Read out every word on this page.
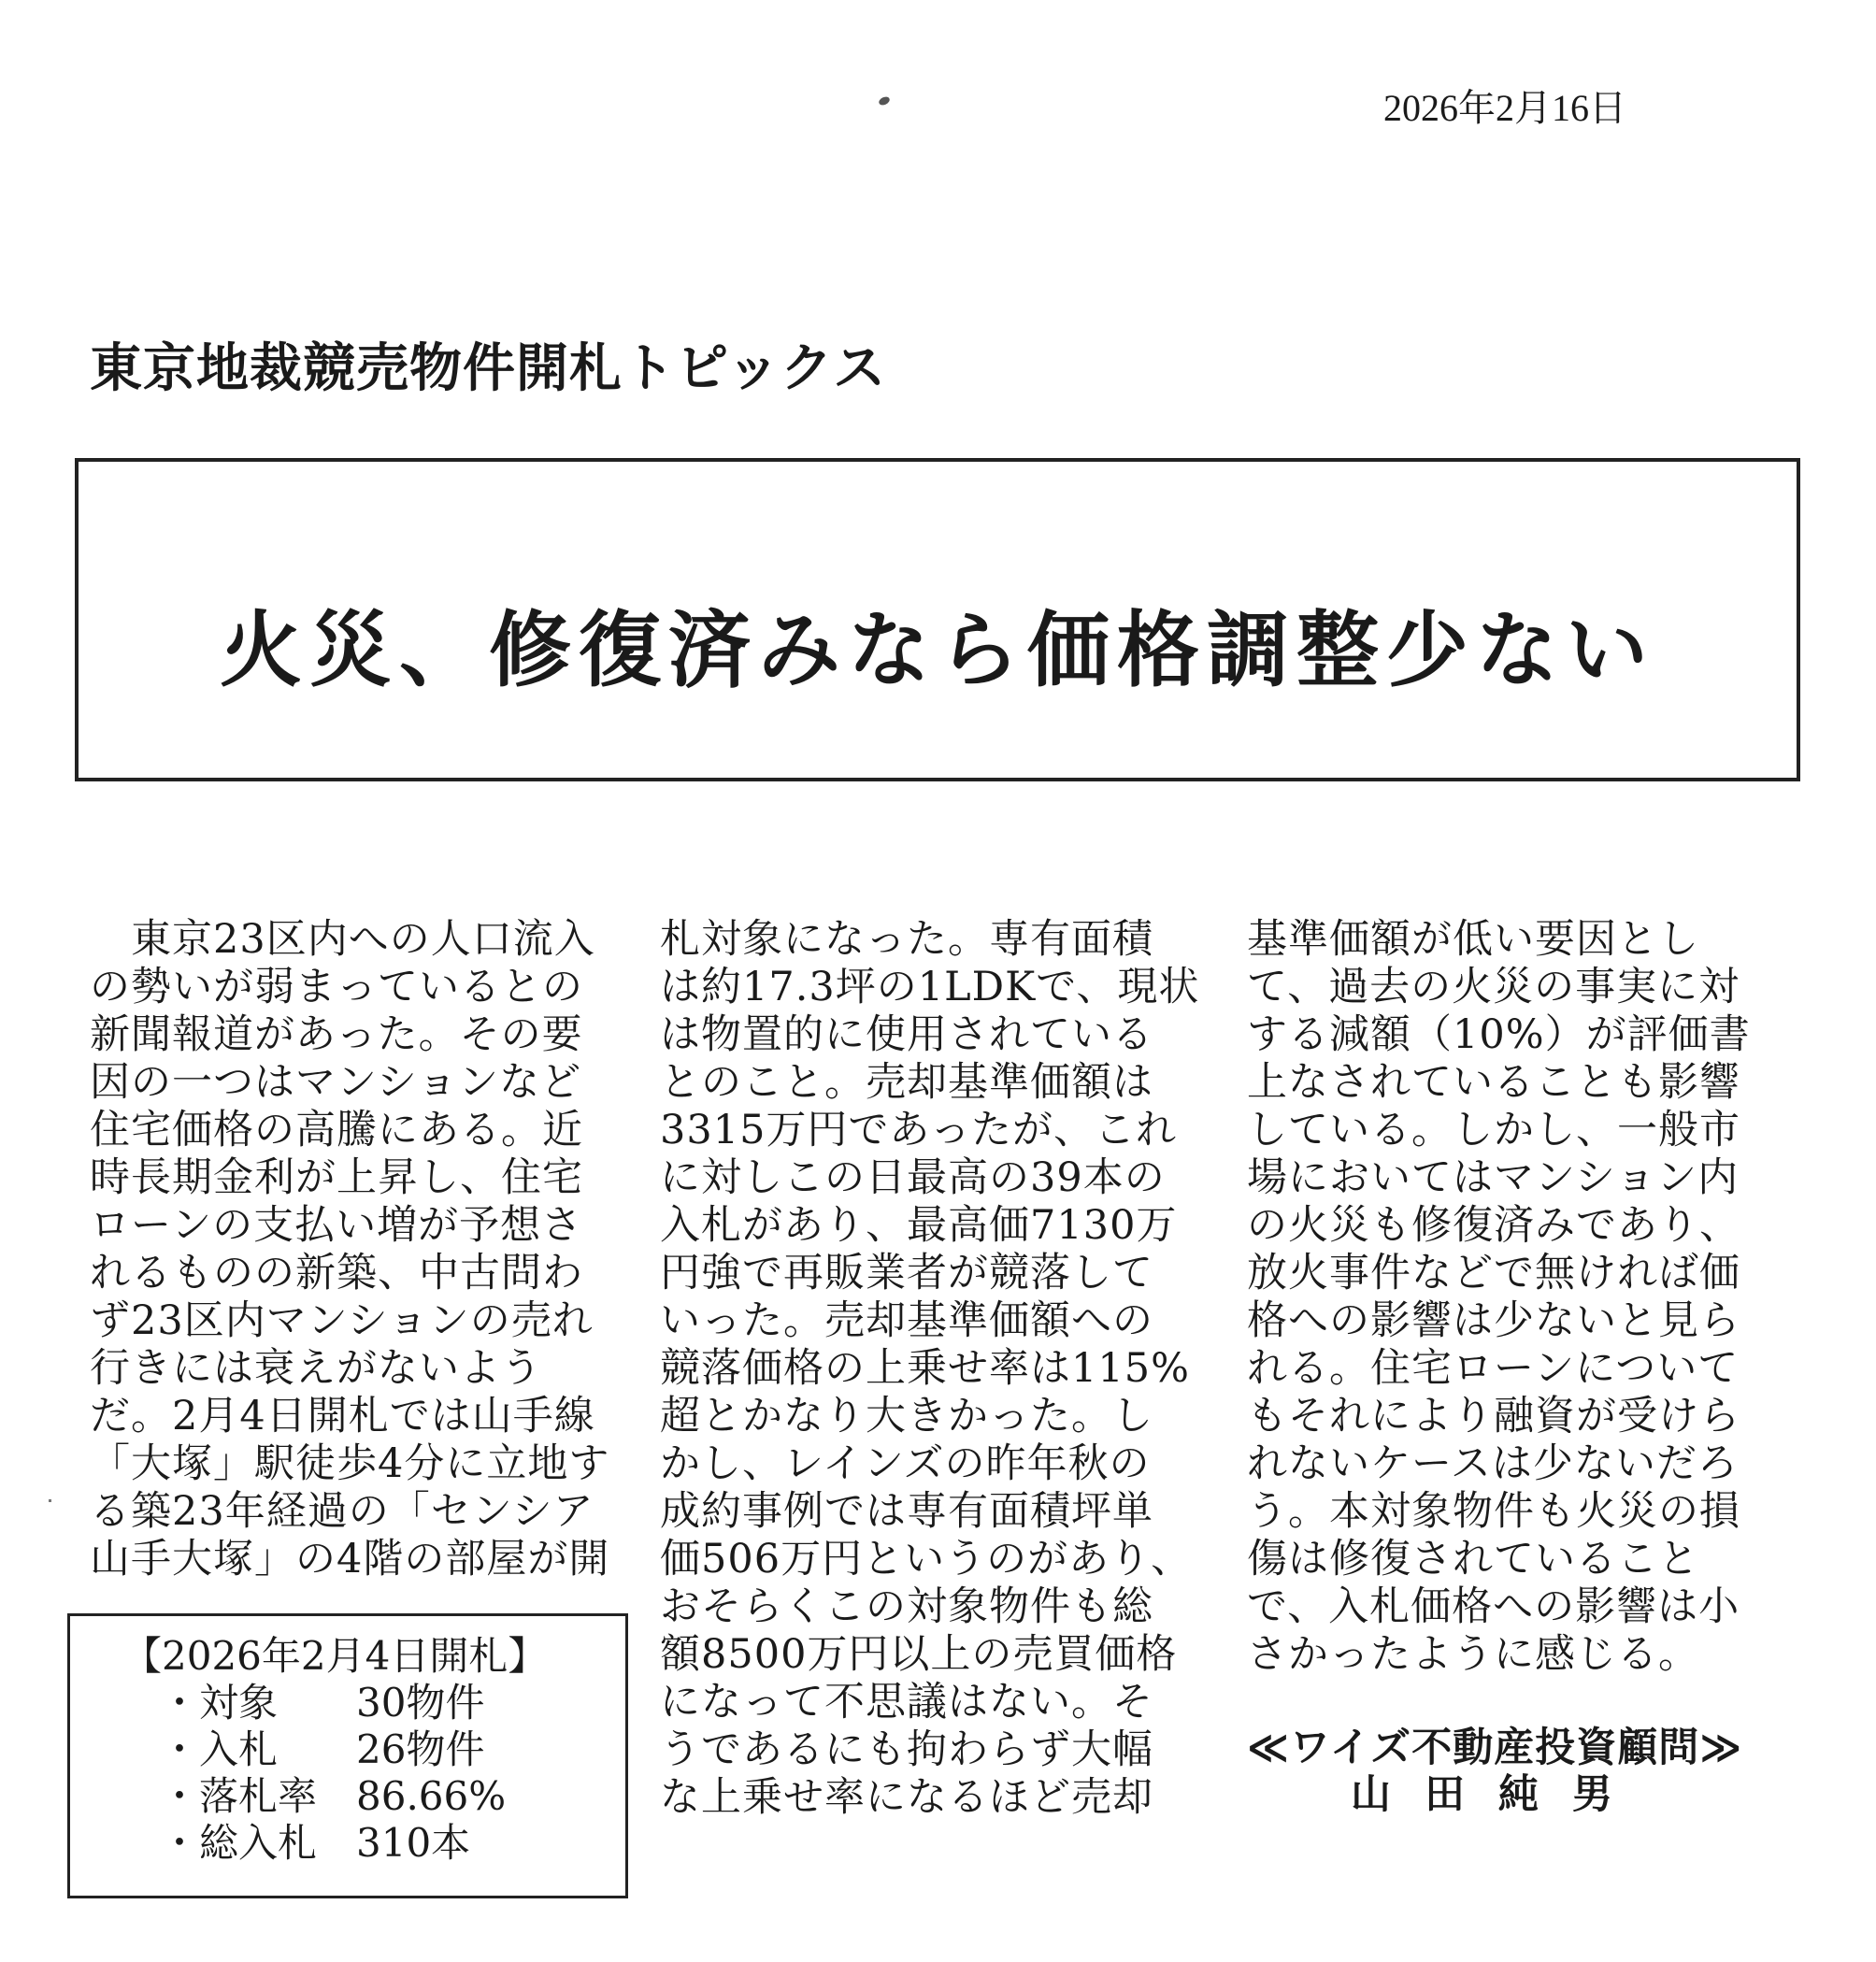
2026年2月16日
東京地裁競売物件開札トピックス
火災、修復済みなら価格調整少ない
　東京23区内への人口流入
の勢いが弱まっているとの
新聞報道があった。その要
因の一つはマンションなど
住宅価格の高騰にある。近
時長期金利が上昇し、住宅
ローンの支払い増が予想さ
れるものの新築、中古問わ
ず23区内マンションの売れ
行きには衰えがないよう
だ。2月4日開札では山手線
「大塚」駅徒歩4分に立地す
る築23年経過の「センシア
山手大塚」の4階の部屋が開
札対象になった。専有面積
は約17.3坪の1LDKで、現状
は物置的に使用されている
とのこと。売却基準価額は
3315万円であったが、これ
に対しこの日最高の39本の
入札があり、最高価7130万
円強で再販業者が競落して
いった。売却基準価額への
競落価格の上乗せ率は115%
超とかなり大きかった。し
かし、レインズの昨年秋の
成約事例では専有面積坪単
価506万円というのがあり、
おそらくこの対象物件も総
額8500万円以上の売買価格
になって不思議はない。そ
うであるにも拘わらず大幅
な上乗せ率になるほど売却
基準価額が低い要因とし
て、過去の火災の事実に対
する減額（10%）が評価書
上なされていることも影響
している。しかし、一般市
場においてはマンション内
の火災も修復済みであり、
放火事件などで無ければ価
格への影響は少ないと見ら
れる。住宅ローンについて
もそれにより融資が受けら
れないケースは少ないだろ
う。本対象物件も火災の損
傷は修復されていること
で、入札価格への影響は小
さかったように感じる。
【2026年2月4日開札】
・対象 30物件
・入札 26物件
・落札率 86.66%
・総入札 310本
≪ワイズ不動産投資顧問≫
山田純男
